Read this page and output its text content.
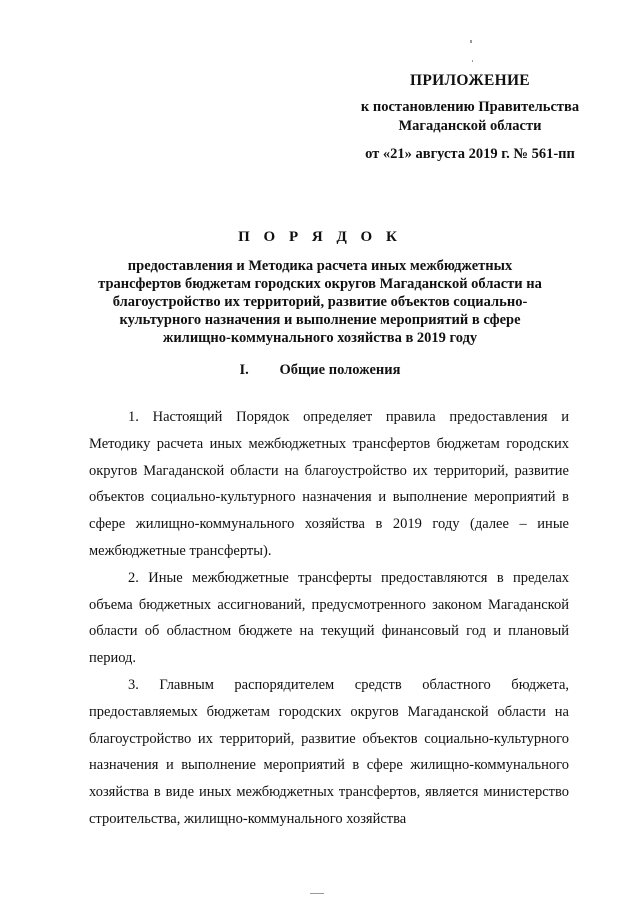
ПРИЛОЖЕНИЕ
к постановлению Правительства
Магаданской области
от «21» августа 2019 г. № 561-пп
П О Р Я Д О К
предоставления и Методика расчета иных межбюджетных трансфертов бюджетам городских округов Магаданской области на благоустройство их территорий, развитие объектов социально-культурного назначения и выполнение мероприятий в сфере жилищно-коммунального хозяйства в 2019 году
I. Общие положения

1. Настоящий Порядок определяет правила предоставления и Методику расчета иных межбюджетных трансфертов бюджетам городских округов Магаданской области на благоустройство их территорий, развитие объектов социально-культурного назначения и выполнение мероприятий в сфере жилищно-коммунального хозяйства в 2019 году (далее – иные межбюджетные трансферты).

2. Иные межбюджетные трансферты предоставляются в пределах объема бюджетных ассигнований, предусмотренного законом Магаданской области об областном бюджете на текущий финансовый год и плановый период.

3. Главным распорядителем средств областного бюджета, предоставляемых бюджетам городских округов Магаданской области на благоустройство их территорий, развитие объектов социально-культурного назначения и выполнение мероприятий в сфере жилищно-коммунального хозяйства в виде иных межбюджетных трансфертов, является министерство строительства, жилищно-коммунального хозяйства
